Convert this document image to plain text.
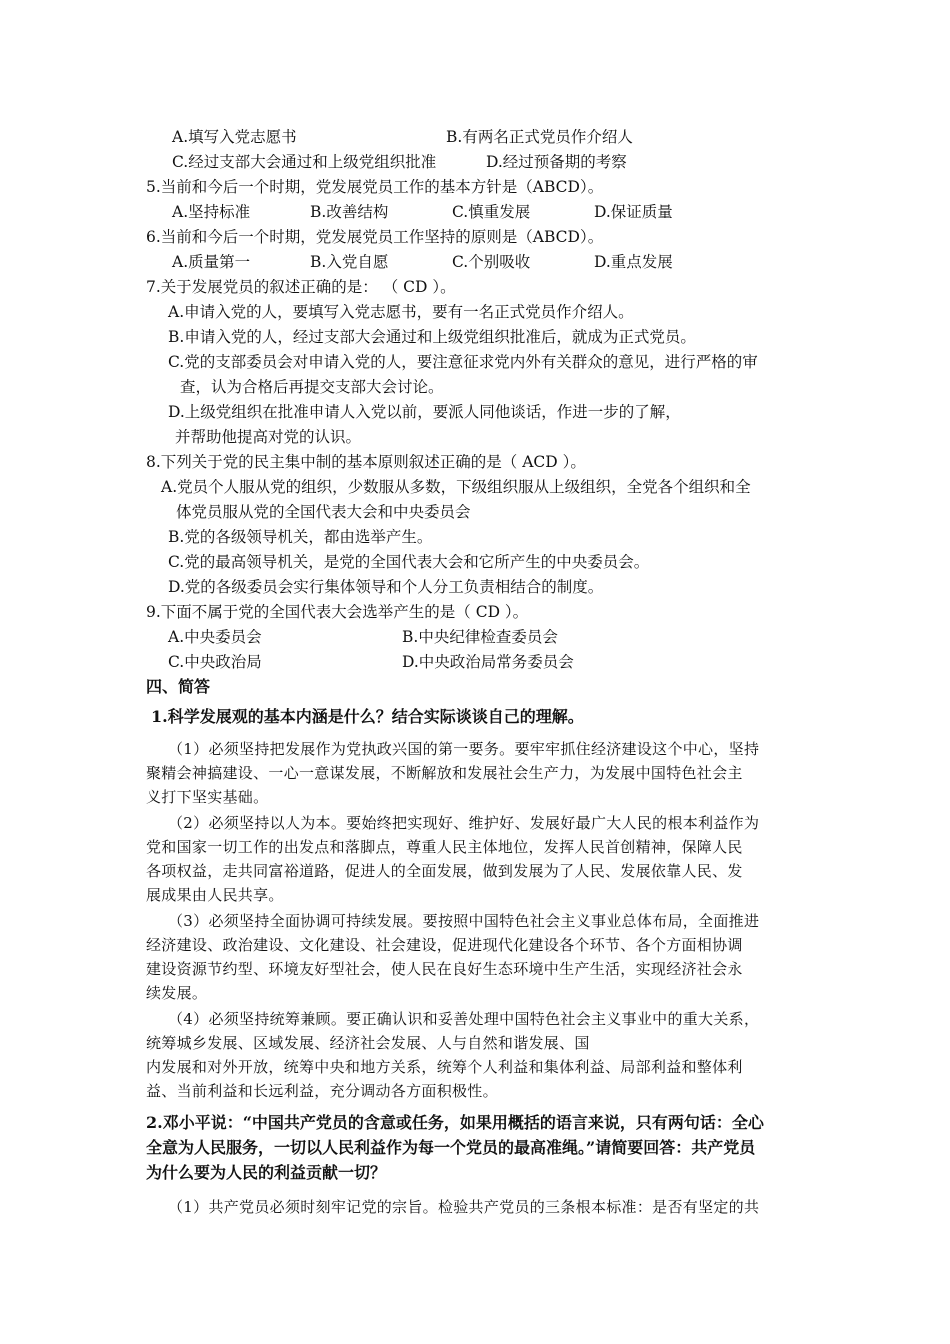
A.填写入党志愿书	B.有两名正式党员作介绍人
C.经过支部大会通过和上级党组织批准	D.经过预备期的考察
5.当前和今后一个时期，党发展党员工作的基本方针是（ABCD）。
A.坚持标准	B.改善结构	C.慎重发展	D.保证质量
6.当前和今后一个时期，党发展党员工作坚持的原则是（ABCD）。
A.质量第一	B.入党自愿	C.个别吸收	D.重点发展
7.关于发展党员的叙述正确的是： （ CD ）。
A.申请入党的人，要填写入党志愿书，要有一名正式党员作介绍人。
B.申请入党的人，经过支部大会通过和上级党组织批准后，就成为正式党员。
C.党的支部委员会对申请入党的人，要注意征求党内外有关群众的意见，进行严格的审
查，认为合格后再提交支部大会讨论。
D.上级党组织在批准申请人入党以前，要派人同他谈话，作进一步的了解，
并帮助他提高对党的认识。
8.下列关于党的民主集中制的基本原则叙述正确的是（ ACD ）。
A.党员个人服从党的组织，少数服从多数，下级组织服从上级组织，全党各个组织和全
体党员服从党的全国代表大会和中央委员会
B.党的各级领导机关，都由选举产生。
C.党的最高领导机关，是党的全国代表大会和它所产生的中央委员会。
D.党的各级委员会实行集体领导和个人分工负责相结合的制度。
9.下面不属于党的全国代表大会选举产生的是（ CD ）。
A.中央委员会	B.中央纪律检查委员会
C.中央政治局	D.中央政治局常务委员会
四、简答
1.科学发展观的基本内涵是什么？结合实际谈谈自己的理解。
（1）必须坚持把发展作为党执政兴国的第一要务。要牢牢抓住经济建设这个中心，坚持
聚精会神搞建设、一心一意谋发展，不断解放和发展社会生产力，为发展中国特色社会主
义打下坚实基础。
（2）必须坚持以人为本。要始终把实现好、维护好、发展好最广大人民的根本利益作为
党和国家一切工作的出发点和落脚点，尊重人民主体地位，发挥人民首创精神，保障人民
各项权益，走共同富裕道路，促进人的全面发展，做到发展为了人民、发展依靠人民、发
展成果由人民共享。
（3）必须坚持全面协调可持续发展。要按照中国特色社会主义事业总体布局，全面推进
经济建设、政治建设、文化建设、社会建设，促进现代化建设各个环节、各个方面相协调
建设资源节约型、环境友好型社会，使人民在良好生态环境中生产生活，实现经济社会永
续发展。
（4）必须坚持统筹兼顾。要正确认识和妥善处理中国特色社会主义事业中的重大关系，
统筹城乡发展、区域发展、经济社会发展、人与自然和谐发展、国
内发展和对外开放，统筹中央和地方关系，统筹个人利益和集体利益、局部利益和整体利
益、当前利益和长远利益，充分调动各方面积极性。
2.邓小平说：“中国共产党员的含意或任务，如果用概括的语言来说，只有两句话：全心
全意为人民服务，一切以人民利益作为每一个党员的最高准绳。”请简要回答：共产党员
为什么要为人民的利益贡献一切？
（1）共产党员必须时刻牢记党的宗旨。检验共产党员的三条根本标准：是否有坚定的共
